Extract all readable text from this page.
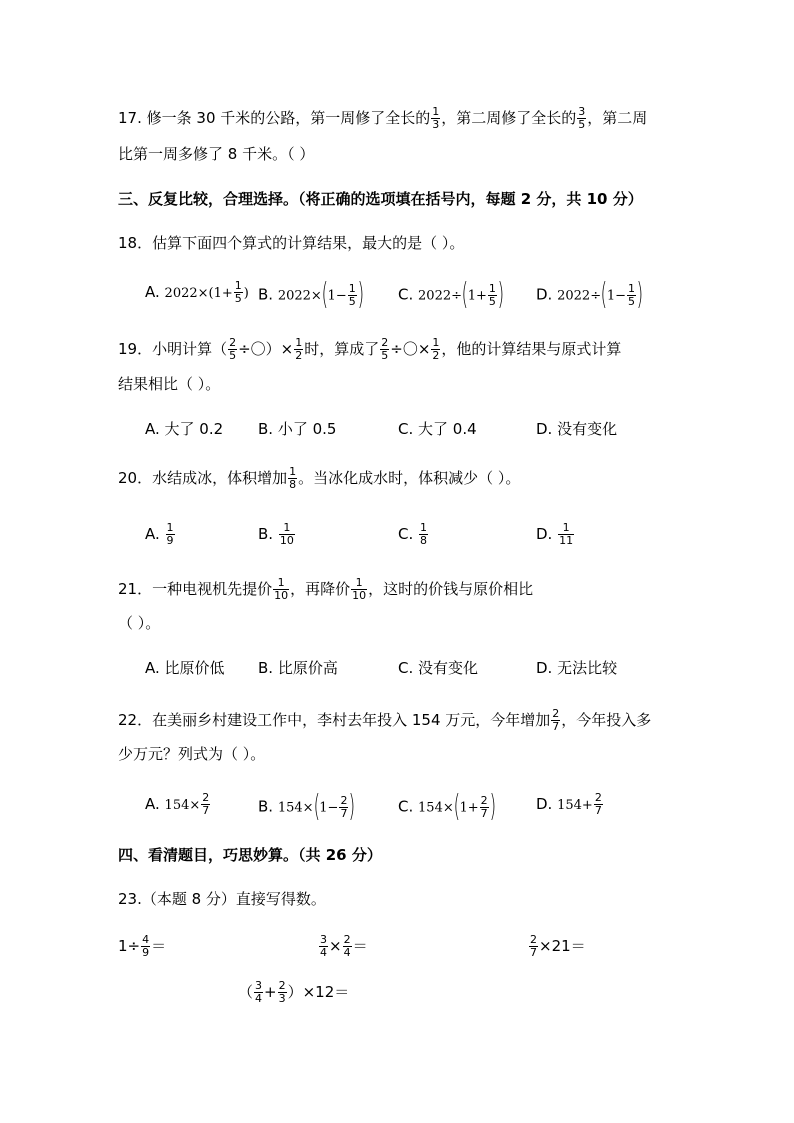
17. 修一条 30 千米的公路，第一周修了全长的 $\frac{1}{3}$ ，第二周修了全长的 $\frac{3}{5}$ ，第二周
比第一周多修了 8 千米。（ ）
三、反复比较，合理选择。（将正确的选项填在括号内，每题 2 分，共 10 分）
18．估算下面四个算式的计算结果，最大的是（ ）。
A. $2022\times(1+ \frac{1}{5}$ ) B. $2022\times(1- \frac{1}{5}$ ) C. $2022\div(1+ \frac{1}{5}$ ) D. $2022\div(1- \frac{1}{5}$ )
19．小明计算（ $\frac{2}{5}$ ÷〇）× $\frac{1}{2}$ 时，算成了 $\frac{2}{5}$ ÷〇× $\frac{1}{2}$ ，他的计算结果与原式计算
结果相比（ ）。
A. 大了 0.2 B. 小了 0.5	C. 大了 0.4	D. 没有变化
20．水结成冰，体积增加 $\frac{1}{8}$ 。当冰化成水时，体积减少（ ）。
A. $\frac{1}{9}$	B. $\frac{1}{10}$	C. $\frac{1}{8}$	D. $\frac{1}{11}$
21．一种电视机先提价 $\frac{1}{10}$ ，再降价 $\frac{1}{10}$ ，这时的价钱与原价相比
（ ）。
A. 比原价低 B. 比原价高	C. 没有变化	D. 无法比较
22．在美丽乡村建设工作中，李村去年投入 154 万元，今年增加 $\frac{2}{7}$ ，今年投入多
少万元？列式为（ ）。
A. $154\times \frac{2}{7}$	B. $154\times(1- \frac{2}{7}$ )	C. $154\times(1+ \frac{2}{7}$ )	D. $154+ \frac{2}{7}$
四、看清题目，巧思妙算。（共 26 分）
23.（本题 8 分）直接写得数。
$1\div \frac{4}{9}$ ＝	$\frac{3}{4} \times \frac{2}{4}$ ＝	$\frac{2}{7} \times 21=$
（ $\frac{3}{4} + \frac{2}{3} )\times 12=$
